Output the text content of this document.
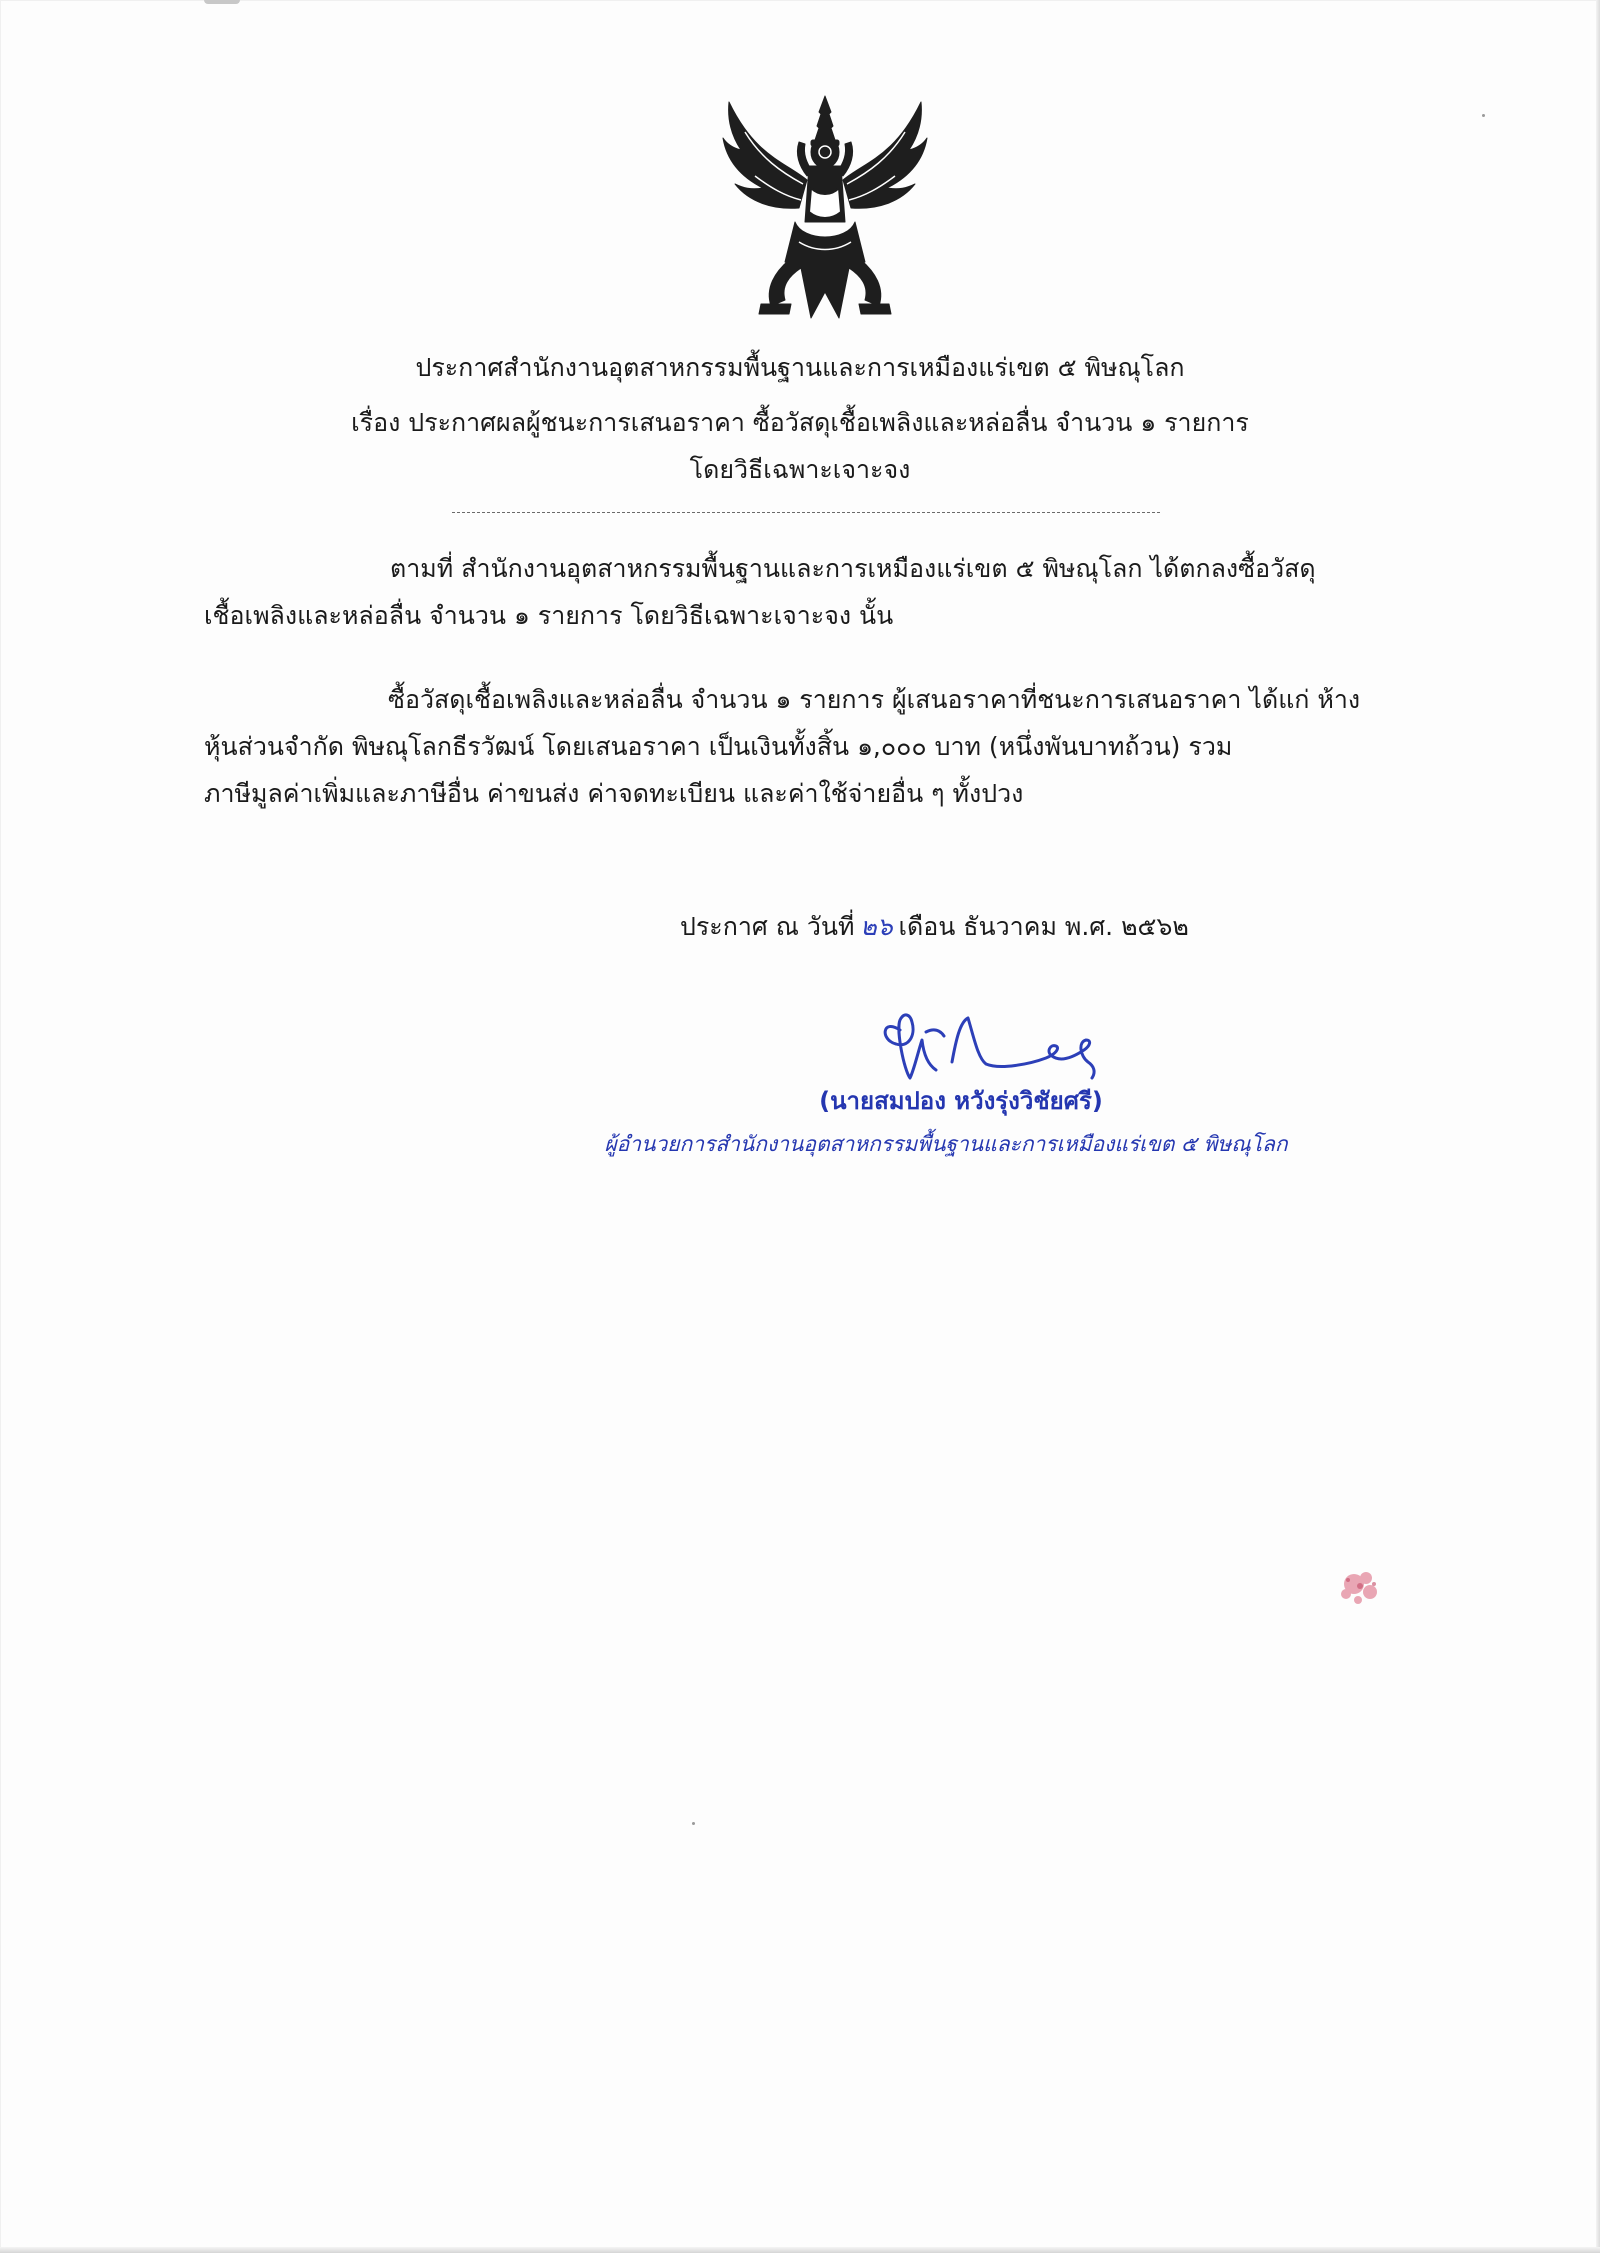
ประกาศสำนักงานอุตสาหกรรมพื้นฐานและการเหมืองแร่เขต ๕ พิษณุโลก
เรื่อง ประกาศผลผู้ชนะการเสนอราคา ซื้อวัสดุเชื้อเพลิงและหล่อลื่น จำนวน ๑ รายการ
โดยวิธีเฉพาะเจาะจง
ตามที่ สำนักงานอุตสาหกรรมพื้นฐานและการเหมืองแร่เขต ๕ พิษณุโลก ได้ตกลงซื้อวัสดุ
เชื้อเพลิงและหล่อลื่น จำนวน ๑ รายการ โดยวิธีเฉพาะเจาะจง นั้น
ซื้อวัสดุเชื้อเพลิงและหล่อลื่น จำนวน ๑ รายการ ผู้เสนอราคาที่ชนะการเสนอราคา ได้แก่ ห้าง
หุ้นส่วนจำกัด พิษณุโลกธีรวัฒน์ โดยเสนอราคา เป็นเงินทั้งสิ้น ๑,๐๐๐ บาท (หนึ่งพันบาทถ้วน) รวม
ภาษีมูลค่าเพิ่มและภาษีอื่น ค่าขนส่ง ค่าจดทะเบียน และค่าใช้จ่ายอื่น ๆ ทั้งปวง
ประกาศ ณ วันที่ ๒๖ เดือน ธันวาคม พ.ศ. ๒๕๖๒
(นายสมปอง หวังรุ่งวิชัยศรี)
ผู้อำนวยการสำนักงานอุตสาหกรรมพื้นฐานและการเหมืองแร่เขต ๕ พิษณุโลก
